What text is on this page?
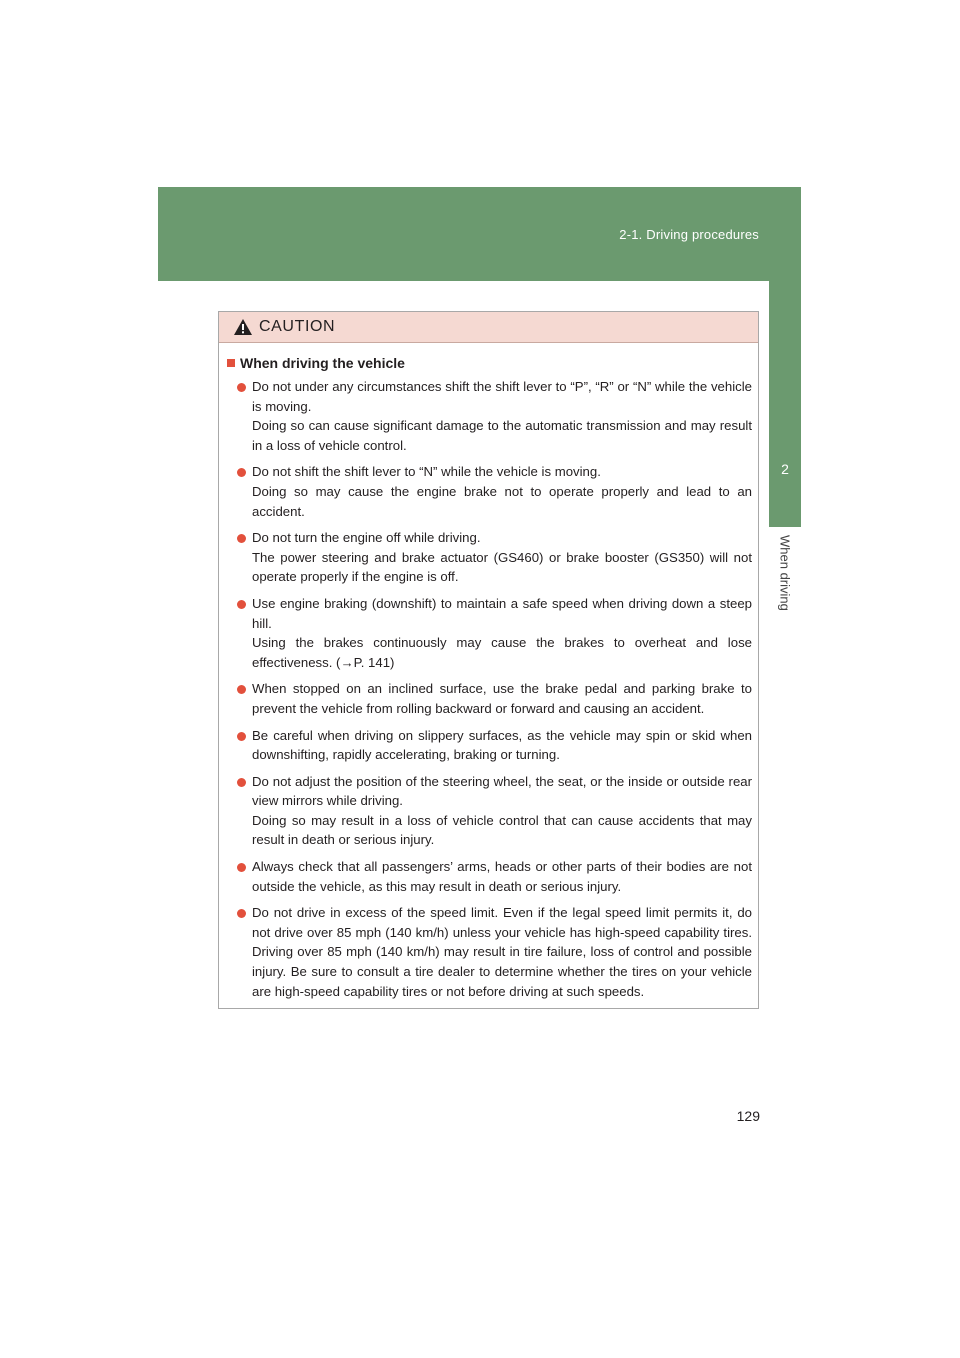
2-1. Driving procedures
2
When driving
CAUTION
When driving the vehicle

Do not under any circumstances shift the shift lever to “P”, “R” or “N” while the vehicle is moving.

Doing so can cause significant damage to the automatic transmission and may result in a loss of vehicle control.

Do not shift the shift lever to “N” while the vehicle is moving.

Doing so may cause the engine brake not to operate properly and lead to an accident.

Do not turn the engine off while driving.

The power steering and brake actuator (GS460) or brake booster (GS350) will not operate properly if the engine is off.

Use engine braking (downshift) to maintain a safe speed when driving down a steep hill.

Using the brakes continuously may cause the brakes to overheat and lose effectiveness. (→P. 141)

When stopped on an inclined surface, use the brake pedal and parking brake to prevent the vehicle from rolling backward or forward and causing an accident.

Be careful when driving on slippery surfaces, as the vehicle may spin or skid when downshifting, rapidly accelerating, braking or turning.

Do not adjust the position of the steering wheel, the seat, or the inside or outside rear view mirrors while driving.

Doing so may result in a loss of vehicle control that can cause accidents that may result in death or serious injury.

Always check that all passengers’ arms, heads or other parts of their bodies are not outside the vehicle, as this may result in death or serious injury.

Do not drive in excess of the speed limit. Even if the legal speed limit permits it, do not drive over 85 mph (140 km/h) unless your vehicle has high-speed capability tires. Driving over 85 mph (140 km/h) may result in tire failure, loss of control and possible injury. Be sure to consult a tire dealer to determine whether the tires on your vehicle are high-speed capability tires or not before driving at such speeds.

129
